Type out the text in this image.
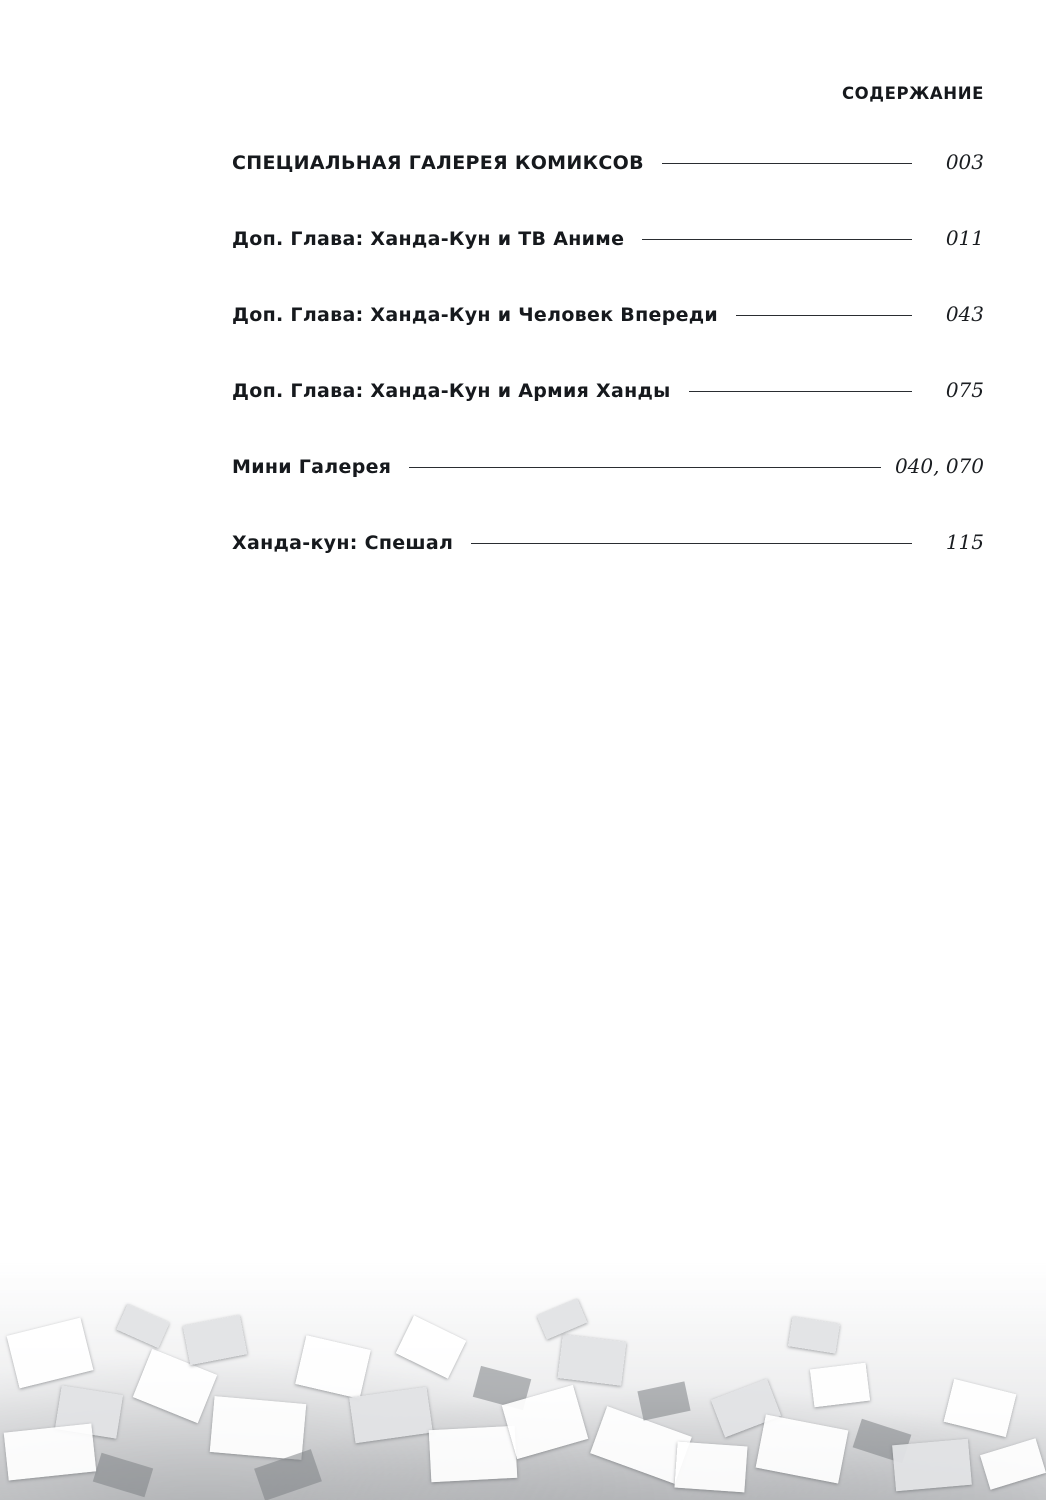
СОДЕРЖАНИЕ
СПЕЦИАЛЬНАЯ ГАЛЕРЕЯ КОМИКСОВ	003
Доп. Глава: Ханда-Кун и ТВ Аниме	011
Доп. Глава: Ханда-Кун и Человек Впереди	043
Доп. Глава: Ханда-Кун и Армия Ханды	075
Мини Галерея	040, 070
Ханда-кун: Спешал	115
